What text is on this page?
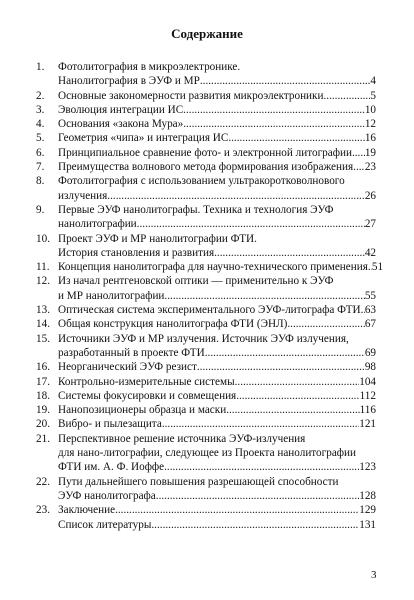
Содержание
1.	Фотолитография в микроэлектронике.
Нанолитография в ЭУФ и МР .....	4
2.	Основные закономерности развития микроэлектроники .....	5
3.	Эволюция интеграции ИС .....	10
4.	Основания «закона Мура» .....	12
5.	Геометрия «чипа» и интеграция ИС .....	16
6.	Принципиальное сравнение фото- и электронной литографии ..... 19
7.	Преимущества волнового метода формирования изображения ..... 23
8.	Фотолитография с использованием ультракоротковолнового
излучения .....	26
9.	Первые ЭУФ нанолитографы. Техника и технология ЭУФ
нанолитографии .....	27
10. Проект ЭУФ и МР нанолитографии ФТИ.
История становления и развития .....	42
11. Концепция нанолитографа для научно-технического применения ..... 51
12. Из начал рентгеновской оптики — применительно к ЭУФ
и МР нанолитографии .....	55
13. Оптическая система экспериментального ЭУФ-литографа ФТИ ..... 63
14. Общая конструкция нанолитографа ФТИ (ЭНЛ) .....	67
15. Источники ЭУФ и МР излучения. Источник ЭУФ излучения,
разработанный в проекте ФТИ .....	69
16. Неорганический ЭУФ резист .....	98
17. Контрольно-измерительные системы .....	104
18. Системы фокусировки и совмещения .....	112
19. Нанопозиционеры образца и маски .....	116
20. Вибро- и пылезащита .....	121
21. Перспективное решение источника ЭУФ-излучения
для нано-литографии, следующее из Проекта нанолитографии
ФТИ им. А. Ф. Иоффе .....	123
22. Пути дальнейшего повышения разрешающей способности
ЭУФ нанолитографа .....	128
23. Заключение .....	129
Список литературы .....	131
3
